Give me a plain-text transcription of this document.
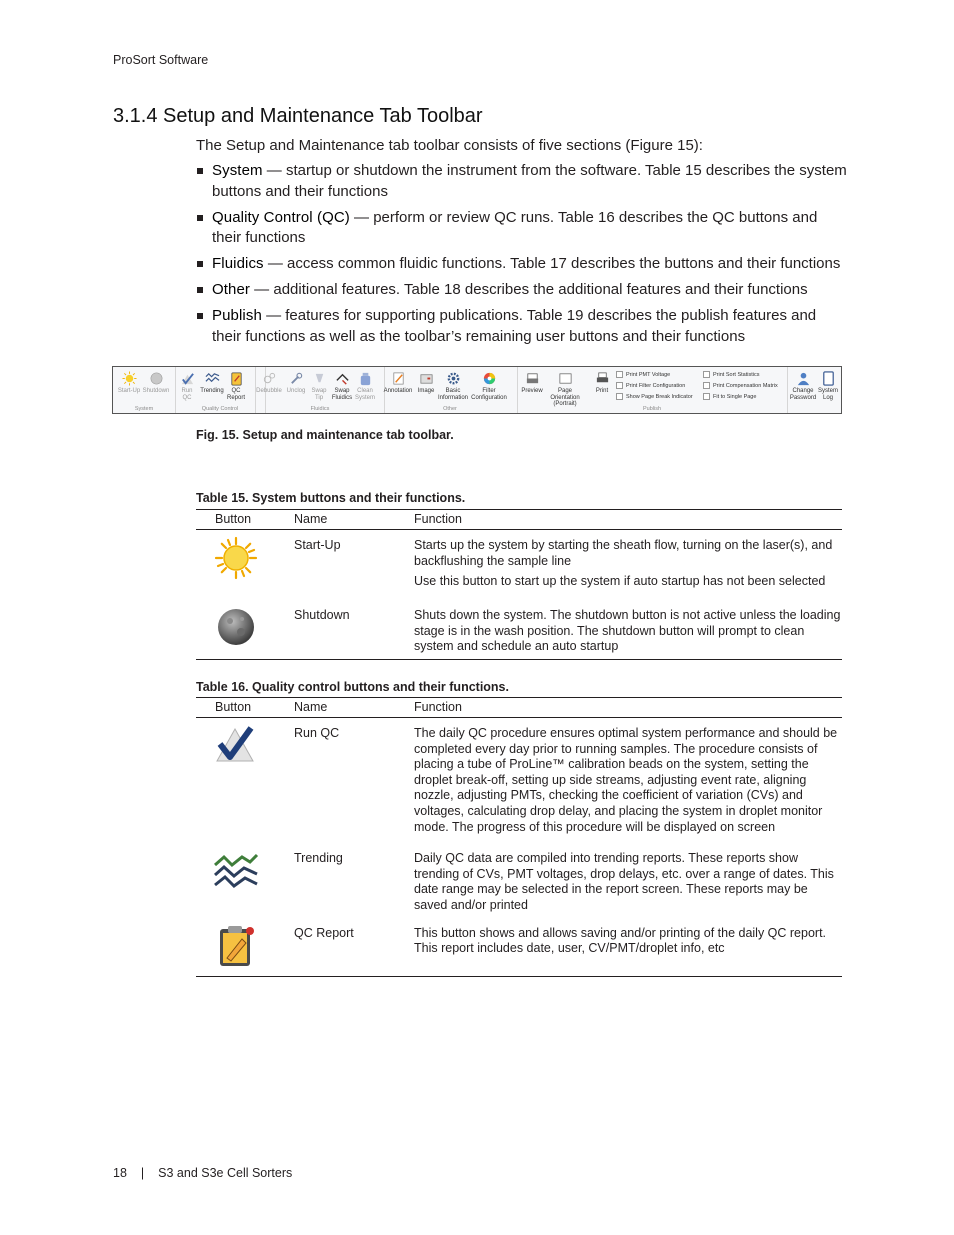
ProSort Software
3.1.4 Setup and Maintenance Tab Toolbar
The Setup and Maintenance tab toolbar consists of five sections (Figure 15):
System — startup or shutdown the instrument from the software. Table 15 describes the system buttons and their functions
Quality Control (QC) — perform or review QC runs. Table 16 describes the QC buttons and their functions
Fluidics — access common fluidic functions. Table 17 describes the buttons and their functions
Other — additional features. Table 18 describes the additional features and their functions
Publish — features for supporting publications. Table 19 describes the publish features and their functions as well as the toolbar’s remaining user buttons and their functions
Start-Up Shutdown
System
Run
QC
Trending	QC
Report
Quality Control
Debubble Unclog	Swap
Tip
Swap
Fluidics
Clean
System
Fluidics
Annotation Image	Basic
Information
Filter
Configuration
Other
Preview	Page Orientation
(Portrait)
Print
Print PMT Voltage
Print Filter Configuration
Show Page Break Indicator
Print Sort Statistics
Print Compensation Matrix
Fit to Single Page
Publish
Change
Password
System
Log
Fig. 15. Setup and maintenance tab toolbar.
Table 15. System buttons and their functions.
Button	Name	Function
	Start-Up	Starts up the system by starting the sheath flow, turning on the laser(s), and backflushing the sample line
Use this button to start up the system if auto startup has not been selected

	Shutdown	Shuts down the system. The shutdown button is not active unless the loading stage is in the wash position. The shutdown button will prompt to clean system and schedule an auto startup
Table 16. Quality control buttons and their functions.
Button	Name	Function
	Run QC	The daily QC procedure ensures optimal system performance and should be completed every day prior to running samples. The procedure consists of placing a tube of ProLine™ calibration beads on the system, setting the droplet break-off, setting up side streams, adjusting event rate, aligning nozzle, adjusting PMTs, checking the coefficient of variation (CVs) and voltages, calculating drop delay, and placing the system in droplet monitor mode. The progress of this procedure will be displayed on screen
	Trending	Daily QC data are compiled into trending reports. These reports show trending of CVs, PMT voltages, drop delays, etc. over a range of dates. This date range may be selected in the report screen. These reports may be saved and/or printed
	QC Report	This button shows and allows saving and/or printing of the daily QC report. This report includes date, user, CV/PMT/droplet info, etc
18 | S3 and S3e Cell Sorters
